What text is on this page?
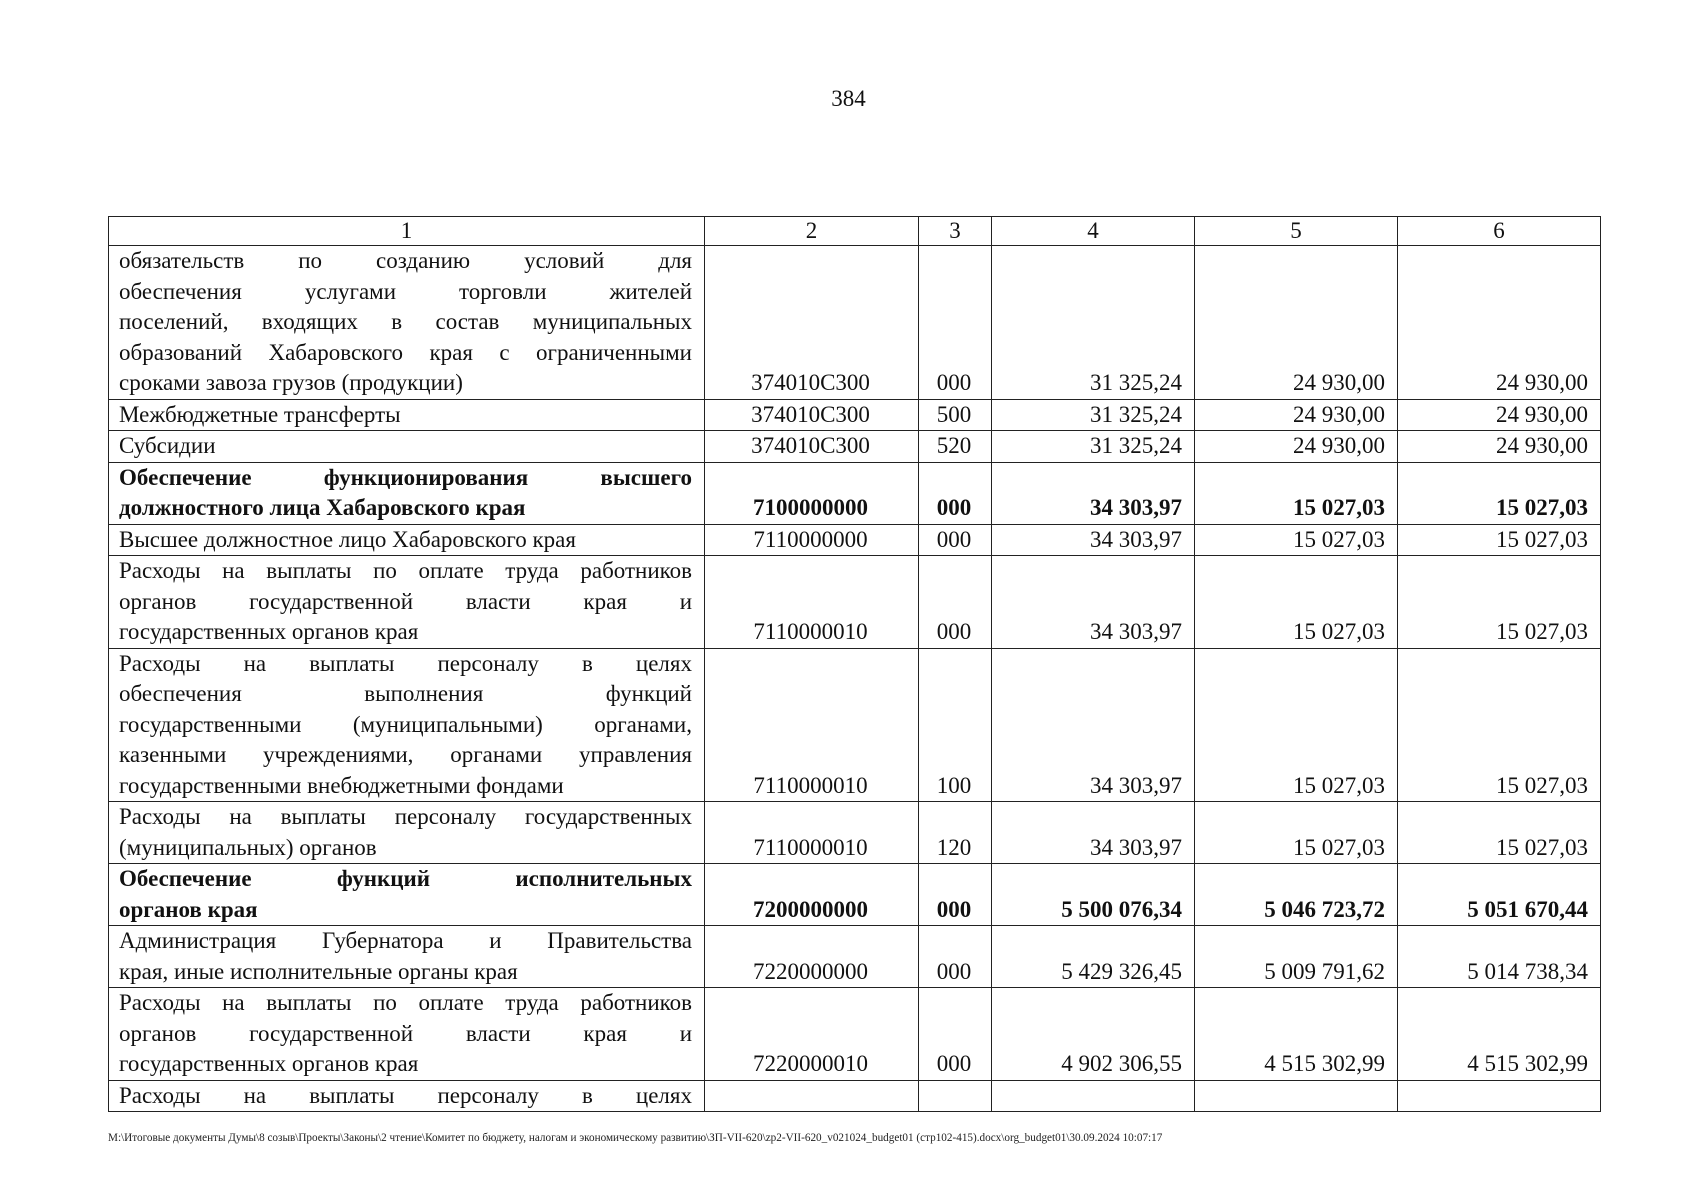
384
1	2	3	4	5	6

обязательств по созданию условий для
обеспечения услугами торговли жителей
поселений, входящих в состав муниципальных
образований Хабаровского края с ограниченными
сроками завоза грузов (продукции)	374010С300	000	31 325,24	24 930,00	24 930,00

Межбюджетные трансферты	374010С300	500	31 325,24	24 930,00	24 930,00

Субсидии	374010С300	520	31 325,24	24 930,00	24 930,00

Обеспечение функционирования высшего
должностного лица Хабаровского края	7100000000	000	34 303,97	15 027,03	15 027,03

Высшее должностное лицо Хабаровского края	7110000000	000	34 303,97	15 027,03	15 027,03

Расходы на выплаты по оплате труда работников
органов государственной власти края и
государственных органов края	7110000010	000	34 303,97	15 027,03	15 027,03

Расходы на выплаты персоналу в целях
обеспечения выполнения функций
государственными (муниципальными) органами,
казенными учреждениями, органами управления
государственными внебюджетными фондами	7110000010	100	34 303,97	15 027,03	15 027,03

Расходы на выплаты персоналу государственных
(муниципальных) органов	7110000010	120	34 303,97	15 027,03	15 027,03

Обеспечение функций исполнительных
органов края	7200000000	000	5 500 076,34	5 046 723,72	5 051 670,44

Администрация Губернатора и Правительства
края, иные исполнительные органы края	7220000000	000	5 429 326,45	5 009 791,62	5 014 738,34

Расходы на выплаты по оплате труда работников
органов государственной власти края и
государственных органов края	7220000010	000	4 902 306,55	4 515 302,99	4 515 302,99

Расходы на выплаты персоналу в целях					

M:\Итоговые документы Думы\8 созыв\Проекты\Законы\2 чтение\Комитет по бюджету, налогам и экономическому развитию\ЗП-VII-620\zp2-VII-620_v021024_budget01 (стр102-415).docx\org_budget01\30.09.2024 10:07:17
